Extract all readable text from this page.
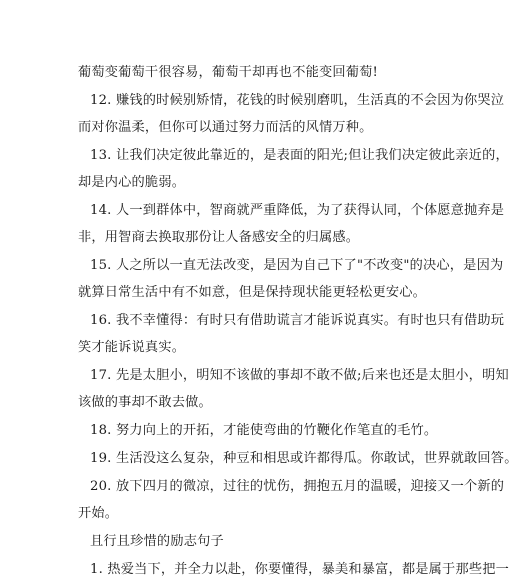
葡萄变葡萄干很容易，葡萄干却再也不能变回葡萄!
12. 赚钱的时候别矫情，花钱的时候别磨叽，生活真的不会因为你哭泣
而对你温柔，但你可以通过努力而活的风情万种。
13. 让我们决定彼此靠近的，是表面的阳光;但让我们决定彼此亲近的，
却是内心的脆弱。
14. 人一到群体中，智商就严重降低，为了获得认同，个体愿意抛弃是
非，用智商去换取那份让人备感安全的归属感。
15. 人之所以一直无法改变，是因为自己下了"不改变"的决心，是因为
就算日常生活中有不如意，但是保持现状能更轻松更安心。
16. 我不幸懂得：有时只有借助谎言才能诉说真实。有时也只有借助玩
笑才能诉说真实。
17. 先是太胆小，明知不该做的事却不敢不做;后来也还是太胆小，明知
该做的事却不敢去做。
18. 努力向上的开拓，才能使弯曲的竹鞭化作笔直的毛竹。
19. 生活没这么复杂，种豆和相思或许都得瓜。你敢试，世界就敢回答。
20. 放下四月的微凉，过往的忧伤，拥抱五月的温暖，迎接又一个新的
开始。
且行且珍惜的励志句子
1. 热爱当下，并全力以赴，你要懂得，暴美和暴富，都是属于那些把一
